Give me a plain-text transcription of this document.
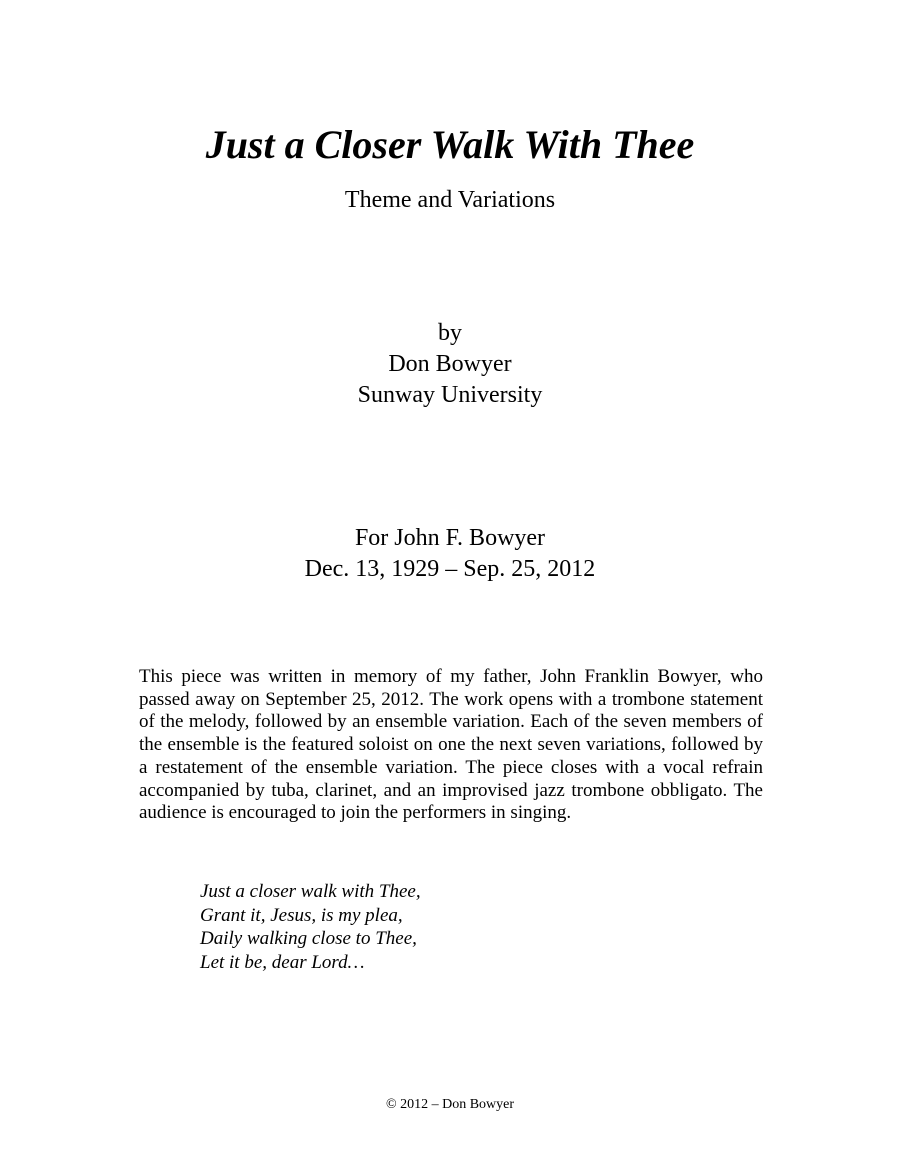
Just a Closer Walk With Thee
Theme and Variations
by
Don Bowyer
Sunway University
For John F. Bowyer
Dec. 13, 1929 – Sep. 25, 2012
This piece was written in memory of my father, John Franklin Bowyer, who passed away on September 25, 2012. The work opens with a trombone statement of the melody, followed by an ensemble variation. Each of the seven members of the ensemble is the featured soloist on one the next seven variations, followed by a restatement of the ensemble variation. The piece closes with a vocal refrain accompanied by tuba, clarinet, and an improvised jazz trombone obbligato. The audience is encouraged to join the performers in singing.
Just a closer walk with Thee,
Grant it, Jesus, is my plea,
Daily walking close to Thee,
Let it be, dear Lord…
© 2012 – Don Bowyer
